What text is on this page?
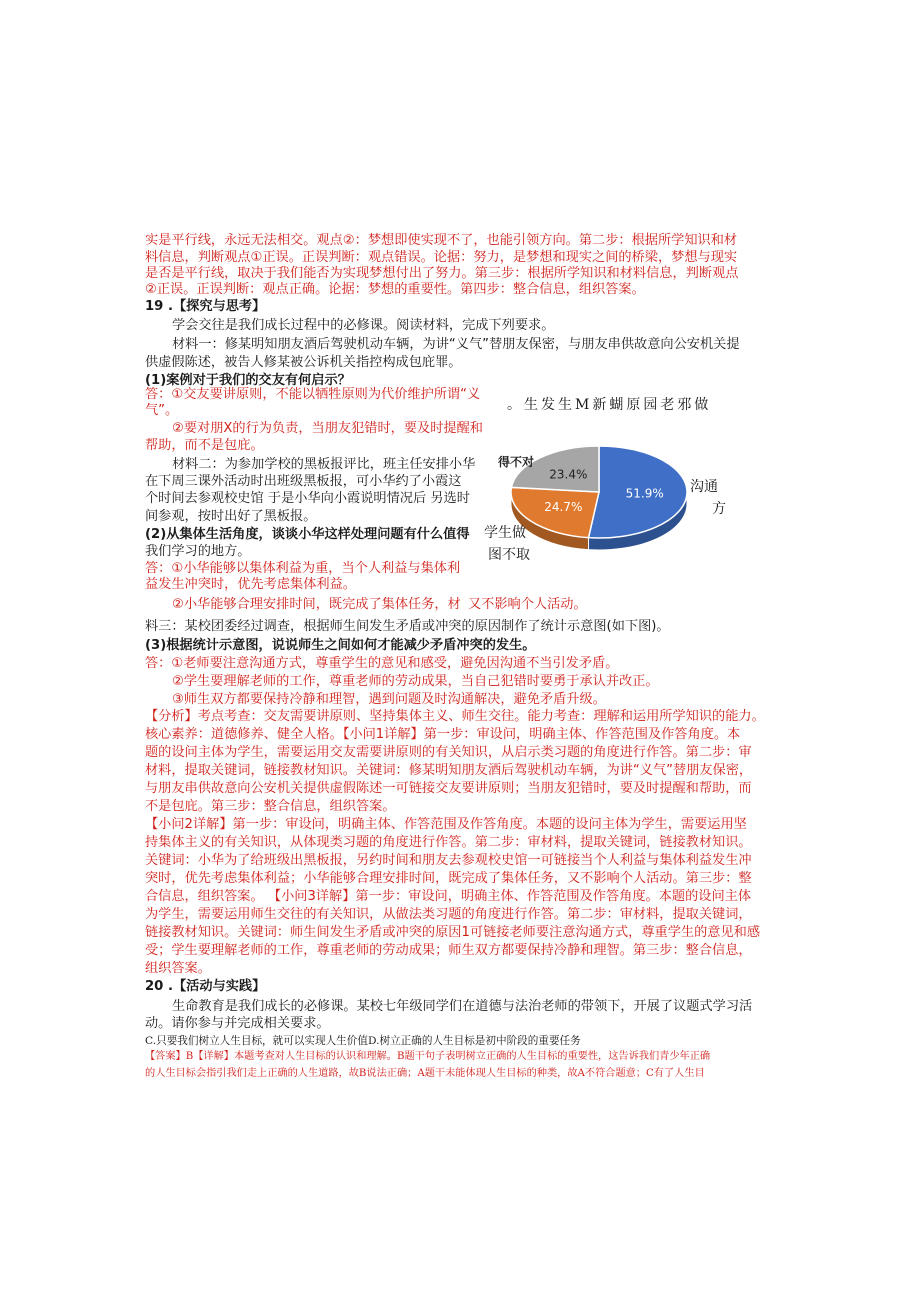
实是平行线，永远无法相交。观点②：梦想即使实现不了，也能引领方向。第二步：根据所学知识和材
料信息，判断观点①正误。正误判断：观点错误。论据：努力，是梦想和现实之间的桥梁，梦想与现实
是否是平行线，取决于我们能否为实现梦想付出了努力。第三步：根据所学知识和材料信息，判断观点
②正误。正误判断：观点正确。论据：梦想的重要性。第四步：整合信息，组织答案。
19 .【探究与思考】
学会交往是我们成长过程中的必修课。阅读材料，完成下列要求。
材料一：修某明知朋友酒后驾驶机动车辆，为讲“义气”替朋友保密，与朋友串供故意向公安机关提
供虚假陈述，被告人修某被公诉机关指控构成包庇罪。
(1)案例对于我们的交友有何启示？
答：①交友要讲原则，不能以牺牲原则为代价维护所谓“义
气”。
②要对朋X的行为负责，当朋友犯错时，要及时提醒和
帮助，而不是包庇。
材料二：为参加学校的黑板报评比，班主任安排小华
在下周三课外活动时出班级黑板报，可小华约了小霞这
个时间去参观校史馆 于是小华向小霞说明情况后 另选时
间参观，按时出好了黑板报。
(2)从集体生活角度，谈谈小华这样处理问题有什么值得
我们学习的地方。
答：①小华能够以集体利益为重，当个人利益与集体利
益发生冲突时，优先考虑集体利益。
②小华能够合理安排时间，既完成了集体任务，材 又不影响个人活动。
料三：某校团委经过调查，根据师生间发生矛盾或冲突的原因制作了统计示意图(如下图)。
(3)根据统计示意图，说说师生之间如何才能减少矛盾冲突的发生。
答：①老师要注意沟通方式，尊重学生的意见和感受，避免因沟通不当引发矛盾。
②学生要理解老师的工作，尊重老师的劳动成果，当自己犯错时要勇于承认并改正。
③师生双方都要保持冷静和理智，遇到问题及时沟通解决，避免矛盾升级。
【分析】考点考查：交友需要讲原则、坚持集体主义、师生交往。能力考查：理解和运用所学知识的能力。
核心素养：道德修养、健全人格。【小问1详解】第一步：审设问，明确主体、作答范围及作答角度。本
题的设问主体为学生，需要运用交友需要讲原则的有关知识，从启示类习题的角度进行作答。第二步：审
材料，提取关键词，链接教材知识。关键词：修某明知朋友酒后驾驶机动车辆，为讲“义气”替朋友保密，
与朋友串供故意向公安机关提供虚假陈述一可链接交友要讲原则；当朋友犯错时，要及时提醒和帮助，而
不是包庇。第三步：整合信息，组织答案。
【小问2详解】第一步：审设问，明确主体、作答范围及作答角度。本题的设问主体为学生，需要运用坚
持集体主义的有关知识，从体现类习题的角度进行作答。第二步：审材料，提取关键词，链接教材知识。
关键词：小华为了给班级出黑板报，另约时间和朋友去参观校史馆一可链接当个人利益与集体利益发生冲
突时，优先考虑集体利益；小华能够合理安排时间，既完成了集体任务，又不影响个人活动。第三步：整
合信息，组织答案。 【小问3详解】第一步：审设问，明确主体、作答范围及作答角度。本题的设问主体
为学生，需要运用师生交往的有关知识，从做法类习题的角度进行作答。第二步：审材料，提取关键词，
链接教材知识。关键词：师生间发生矛盾或冲突的原因1可链接老师要注意沟通方式，尊重学生的意见和感
受；学生要理解老师的工作，尊重老师的劳动成果；师生双方都要保持冷静和理智。第三步：整合信息，
组织答案。
20 .【活动与实践】
生命教育是我们成长的必修课。某校七年级同学们在道德与法治老师的带领下，开展了议题式学习活
动。请你参与并完成相关要求。
C.只要我们树立人生目标，就可以实现人生价值D.树立正确的人生目标是初中阶段的重要任务
【答案】B【详解】本题考查对人生目标的认识和理解。B题干句子表明树立正确的人生目标的重要性，这告诉我们青少年正确
的人生目标会指引我们走上正确的人生道路，故B说法正确；A题干未能体现人生目标的种类，故A不符合题意；C有了人生目
。生发生M新蝴原园老邪做
51.9%
24.7%
23.4%
得不对
沟通
方
学生做
图不取
